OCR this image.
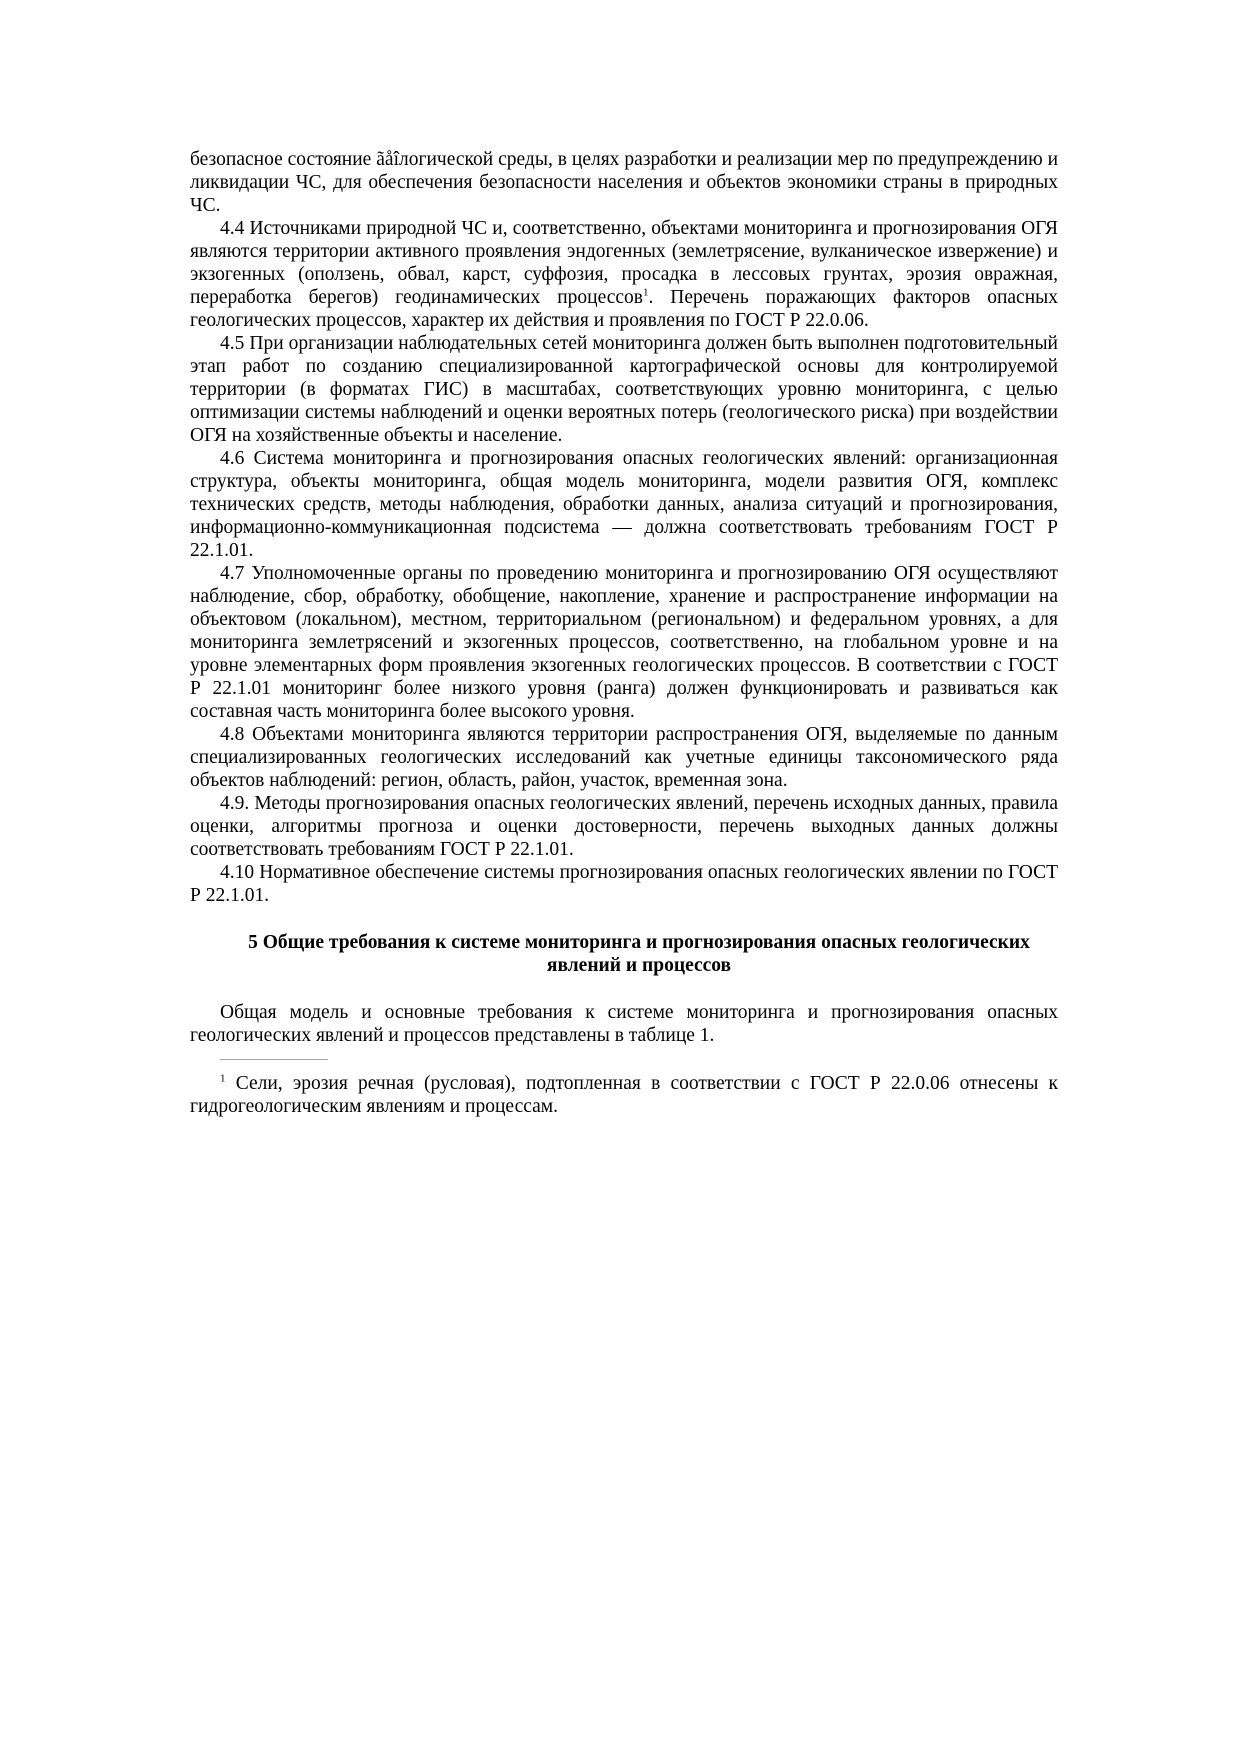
безопасное состояние ãåîлогической среды, в целях разработки и реализации мер по предупреждению и ликвидации ЧС, для обеспечения безопасности населения и объектов экономики страны в природных ЧС.

4.4 Источниками природной ЧС и, соответственно, объектами мониторинга и прогнозирования ОГЯ являются территории активного проявления эндогенных (землетрясение, вулканическое извержение) и экзогенных (оползень, обвал, карст, суффозия, просадка в лессовых грунтах, эрозия овражная, переработка берегов) геодинамических процессов$^1$. Перечень поражающих факторов опасных геологических процессов, характер их действия и проявления по ГОСТ Р 22.0.06.

4.5 При организации наблюдательных сетей мониторинга должен быть выполнен подготовительный этап работ по созданию специализированной картографической основы для контролируемой территории (в форматах ГИС) в масштабах, соответствующих уровню мониторинга, с целью оптимизации системы наблюдений и оценки вероятных потерь (геологического риска) при воздействии ОГЯ на хозяйственные объекты и население.

4.6 Система мониторинга и прогнозирования опасных геологических явлений: организационная структура, объекты мониторинга, общая модель мониторинга, модели развития ОГЯ, комплекс технических средств, методы наблюдения, обработки данных, анализа ситуаций и прогнозирования, информационно-коммуникационная подсистема — должна соответствовать требованиям ГОСТ Р 22.1.01.

4.7 Уполномоченные органы по проведению мониторинга и прогнозированию ОГЯ осуществляют наблюдение, сбор, обработку, обобщение, накопление, хранение и распространение информации на объектовом (локальном), местном, территориальном (региональном) и федеральном уровнях, а для мониторинга землетрясений и экзогенных процессов, соответственно, на глобальном уровне и на уровне элементарных форм проявления экзогенных геологических процессов. В соответствии с ГОСТ Р 22.1.01 мониторинг более низкого уровня (ранга) должен функционировать и развиваться как составная часть мониторинга более высокого уровня.

4.8 Объектами мониторинга являются территории распространения ОГЯ, выделяемые по данным специализированных геологических исследований как учетные единицы таксономического ряда объектов наблюдений: регион, область, район, участок, временная зона.

4.9. Методы прогнозирования опасных геологических явлений, перечень исходных данных, правила оценки, алгоритмы прогноза и оценки достоверности, перечень выходных данных должны соответствовать требованиям ГОСТ Р 22.1.01.

4.10 Нормативное обеспечение системы прогнозирования опасных геологических явлении по ГОСТ Р 22.1.01.

5 Общие требования к системе мониторинга и прогнозирования опасных геологических
явлений и процессов

Общая модель и основные требования к системе мониторинга и прогнозирования опасных геологических явлений и процессов представлены в таблице 1.

$^1$ Сели, эрозия речная (русловая), подтопленная в соответствии с ГОСТ Р 22.0.06 отнесены к гидрогеологическим явлениям и процессам.
